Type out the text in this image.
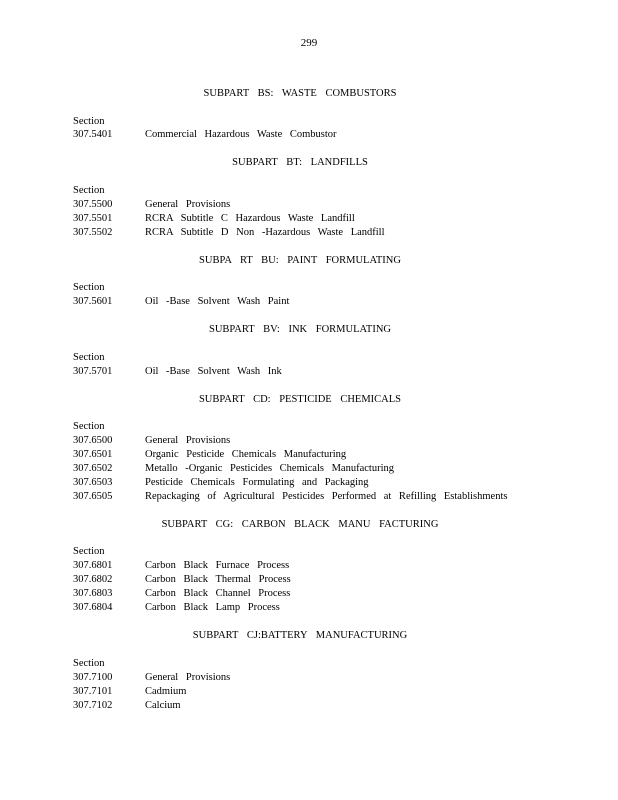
299
SUBPART BS: WASTE COMBUSTORS
Section
307.5401	Commercial Hazardous Waste Combustor
SUBPART BT: LANDFILLS
Section
307.5500	General Provisions
307.5501	RCRA Subtitle C Hazardous Waste Landfill
307.5502	RCRA Subtitle D Non -Hazardous Waste Landfill
SUBPA RT BU: PAINT FORMULATING
Section
307.5601	Oil -Base Solvent Wash Paint
SUBPART BV: INK FORMULATING
Section
307.5701	Oil -Base Solvent Wash Ink
SUBPART CD: PESTICIDE CHEMICALS
Section
307.6500	General Provisions
307.6501	Organic Pesticide Chemicals Manufacturing
307.6502	Metallo -Organic Pesticides Chemicals Manufacturing
307.6503	Pesticide Chemicals Formulating and Packaging
307.6505	Repackaging of Agricultural Pesticides Performed at Refilling Establishments
SUBPART CG: CARBON BLACK MANU FACTURING
Section
307.6801	Carbon Black Furnace Process
307.6802	Carbon Black Thermal Process
307.6803	Carbon Black Channel Process
307.6804	Carbon Black Lamp Process
SUBPART CJ:BATTERY MANUFACTURING
Section
307.7100	General Provisions
307.7101	Cadmium
307.7102	Calcium
